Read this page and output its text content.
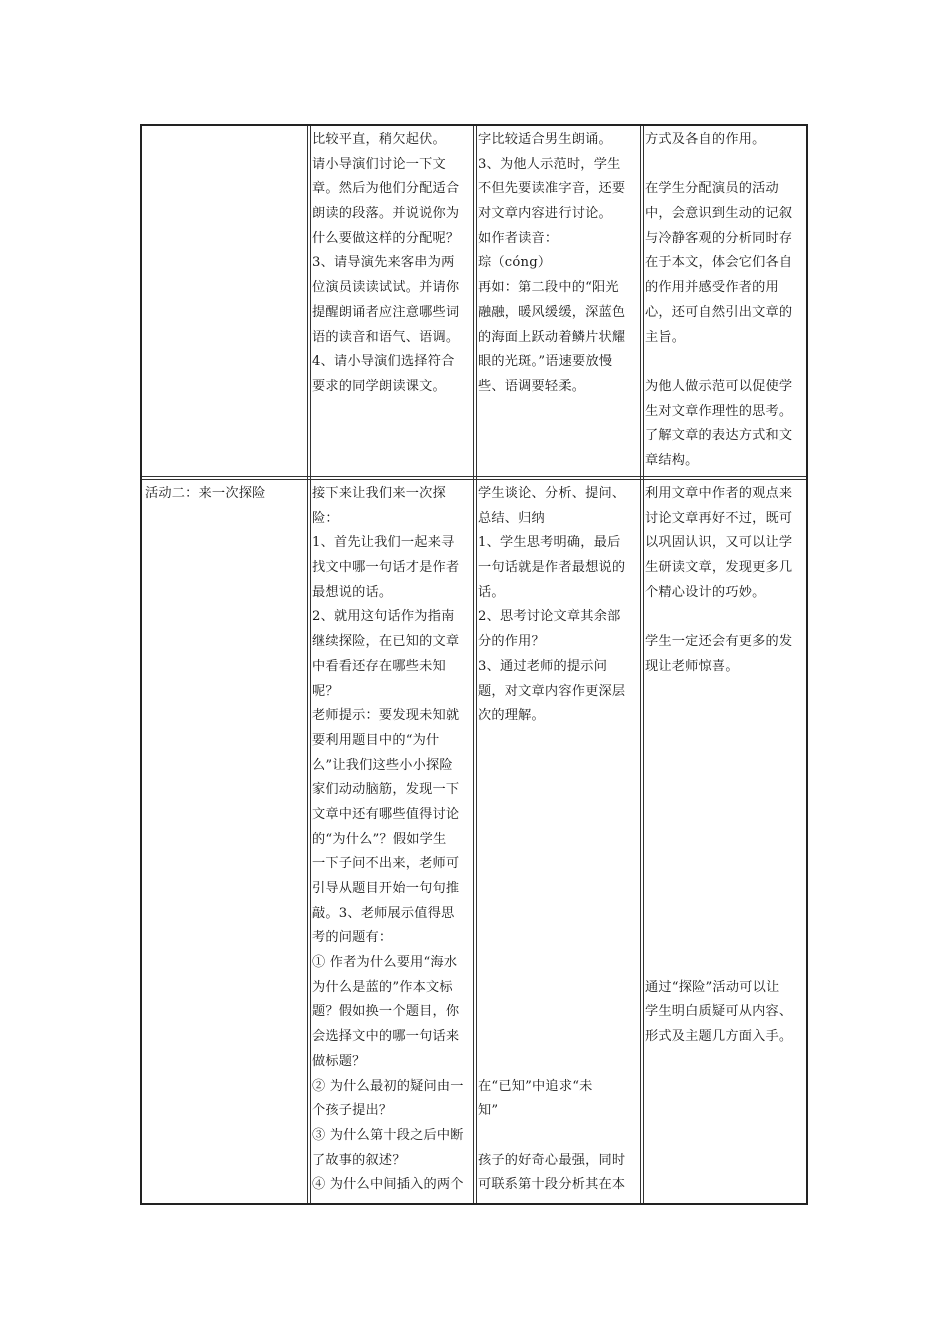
比较平直，稍欠起伏。
请小导演们讨论一下文
章。然后为他们分配适合
朗读的段落。并说说你为
什么要做这样的分配呢？
3、请导演先来客串为两
位演员读读试试。并请你
提醒朗诵者应注意哪些词
语的读音和语气、语调。
4、请小导演们选择符合
要求的同学朗读课文。
字比较适合男生朗诵。
3、为他人示范时，学生
不但先要读准字音，还要
对文章内容进行讨论。
如作者读音：
琮（cóng）
再如：第二段中的“阳光
融融，暖风缓缓，深蓝色
的海面上跃动着鳞片状耀
眼的光斑。”语速要放慢
些、语调要轻柔。
方式及各自的作用。
在学生分配演员的活动
中，会意识到生动的记叙
与冷静客观的分析同时存
在于本文，体会它们各自
的作用并感受作者的用
心，还可自然引出文章的
主旨。
为他人做示范可以促使学
生对文章作理性的思考。
了解文章的表达方式和文
章结构。
活动二：来一次探险	接下来让我们来一次探
险：
1、首先让我们一起来寻
找文中哪一句话才是作者
最想说的话。
2、就用这句话作为指南
继续探险，在已知的文章
中看看还存在哪些未知
呢？
老师提示：要发现未知就
要利用题目中的“为什
么”让我们这些小小探险
家们动动脑筋，发现一下
文章中还有哪些值得讨论
的“为什么”？假如学生
一下子问不出来，老师可
引导从题目开始一句句推
敲。3、老师展示值得思
考的问题有：
① 作者为什么要用“海水
为什么是蓝的”作本文标
题？假如换一个题目，你
会选择文中的哪一句话来
做标题？
② 为什么最初的疑问由一
个孩子提出？
③ 为什么第十段之后中断
了故事的叙述？
④ 为什么中间插入的两个
学生谈论、分析、提问、
总结、归纳
1、学生思考明确，最后
一句话就是作者最想说的
话。
2、思考讨论文章其余部
分的作用？
3、通过老师的提示问
题，对文章内容作更深层
次的理解。
在“已知”中追求“未
知”
孩子的好奇心最强，同时
可联系第十段分析其在本
利用文章中作者的观点来
讨论文章再好不过，既可
以巩固认识，又可以让学
生研读文章，发现更多几
个精心设计的巧妙。
学生一定还会有更多的发
现让老师惊喜。
通过“探险”活动可以让
学生明白质疑可从内容、
形式及主题几方面入手。
